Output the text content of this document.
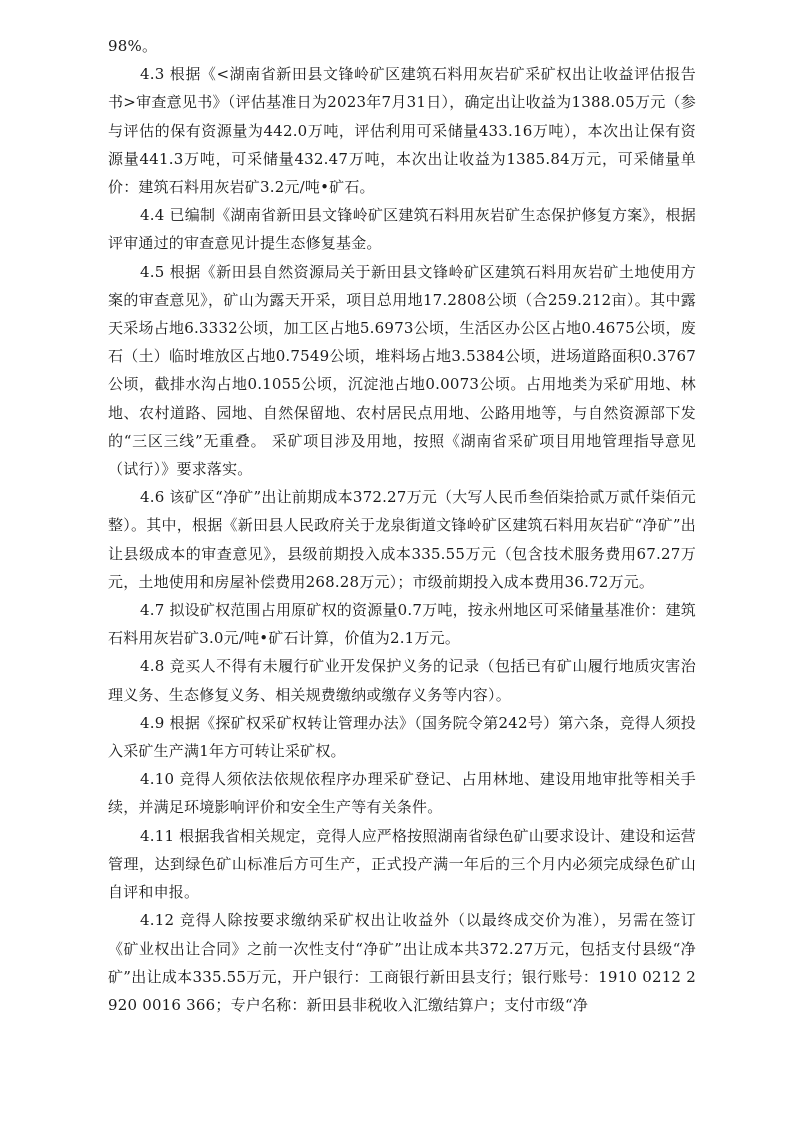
98%。

4.3 根据《<湖南省新田县文锋岭矿区建筑石料用灰岩矿采矿权出让收益评估报告书>审查意见书》（评估基准日为2023年7月31日），确定出让收益为1388.05万元（参与评估的保有资源量为442.0万吨，评估利用可采储量433.16万吨），本次出让保有资源量441.3万吨，可采储量432.47万吨，本次出让收益为1385.84万元，可采储量单价：建筑石料用灰岩矿3.2元/吨•矿石。

4.4 已编制《湖南省新田县文锋岭矿区建筑石料用灰岩矿生态保护修复方案》，根据评审通过的审查意见计提生态修复基金。

4.5 根据《新田县自然资源局关于新田县文锋岭矿区建筑石料用灰岩矿土地使用方案的审查意见》，矿山为露天开采，项目总用地17.2808公顷（合259.212亩）。其中露天采场占地6.3332公顷，加工区占地5.6973公顷，生活区办公区占地0.4675公顷，废石（土）临时堆放区占地0.7549公顷，堆料场占地3.5384公顷，进场道路面积0.3767公顷，截排水沟占地0.1055公顷，沉淀池占地0.0073公顷。占用地类为采矿用地、林地、农村道路、园地、自然保留地、农村居民点用地、公路用地等，与自然资源部下发的“三区三线”无重叠。 采矿项目涉及用地，按照《湖南省采矿项目用地管理指导意见（试行）》要求落实。

4.6 该矿区“净矿”出让前期成本372.27万元（大写人民币叁佰柒拾贰万贰仟柒佰元整）。其中，根据《新田县人民政府关于龙泉街道文锋岭矿区建筑石料用灰岩矿“净矿”出让县级成本的审查意见》，县级前期投入成本335.55万元（包含技术服务费用67.27万元，土地使用和房屋补偿费用268.28万元）；市级前期投入成本费用36.72万元。

4.7 拟设矿权范围占用原矿权的资源量0.7万吨，按永州地区可采储量基准价：建筑石料用灰岩矿3.0元/吨•矿石计算，价值为2.1万元。

4.8 竞买人不得有未履行矿业开发保护义务的记录（包括已有矿山履行地质灾害治理义务、生态修复义务、相关规费缴纳或缴存义务等内容）。

4.9 根据《探矿权采矿权转让管理办法》（国务院令第242号）第六条，竞得人须投入采矿生产满1年方可转让采矿权。

4.10 竞得人须依法依规依程序办理采矿登记、占用林地、建设用地审批等相关手续，并满足环境影响评价和安全生产等有关条件。

4.11 根据我省相关规定，竞得人应严格按照湖南省绿色矿山要求设计、建设和运营管理，达到绿色矿山标准后方可生产，正式投产满一年后的三个月内必须完成绿色矿山自评和申报。

4.12 竞得人除按要求缴纳采矿权出让收益外（以最终成交价为准），另需在签订《矿业权出让合同》之前一次性支付“净矿”出让成本共372.27万元，包括支付县级“净矿”出让成本335.55万元，开户银行：工商银行新田县支行；银行账号：1910 0212 2920 0016 366；专户名称：新田县非税收入汇缴结算户；支付市级“净
